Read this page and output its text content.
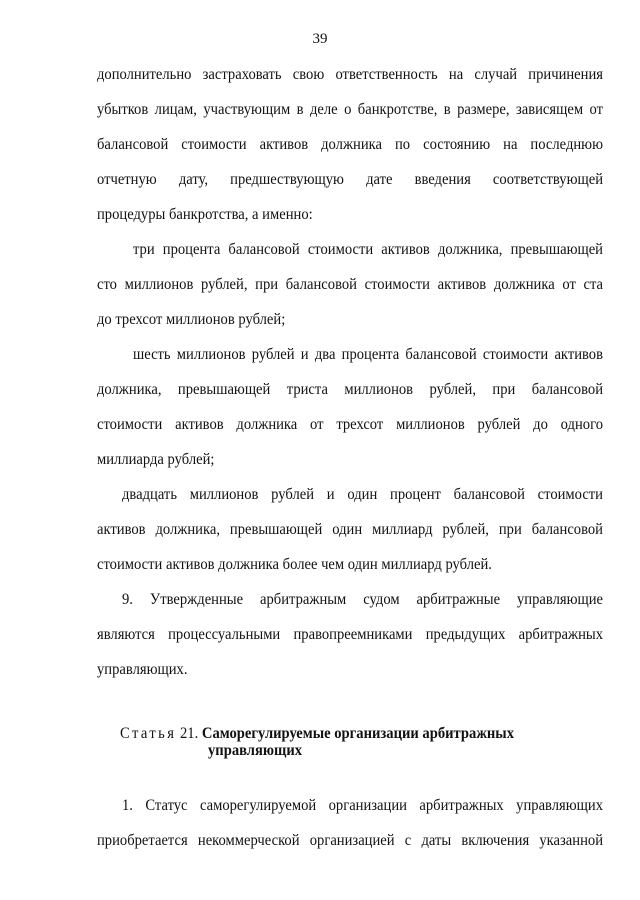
39
дополнительно застраховать свою ответственность на случай причинения
убытков лицам, участвующим в деле о банкротстве, в размере, зависящем от
балансовой стоимости активов должника по состоянию на последнюю
отчетную дату, предшествующую дате введения соответствующей
процедуры банкротства, а именно:
три процента балансовой стоимости активов должника, превышающей
сто миллионов рублей, при балансовой стоимости активов должника от ста
до трехсот миллионов рублей;
шесть миллионов рублей и два процента балансовой стоимости активов
должника, превышающей триста миллионов рублей, при балансовой
стоимости активов должника от трехсот миллионов рублей до одного
миллиарда рублей;
двадцать миллионов рублей и один процент балансовой стоимости
активов должника, превышающей один миллиард рублей, при балансовой
стоимости активов должника более чем один миллиард рублей.
9. Утвержденные арбитражным судом арбитражные управляющие
являются процессуальными правопреемниками предыдущих арбитражных
управляющих.
Статья 21. Саморегулируемые организации арбитражных
управляющих
1. Статус саморегулируемой организации арбитражных управляющих
приобретается некоммерческой организацией с даты включения указанной
